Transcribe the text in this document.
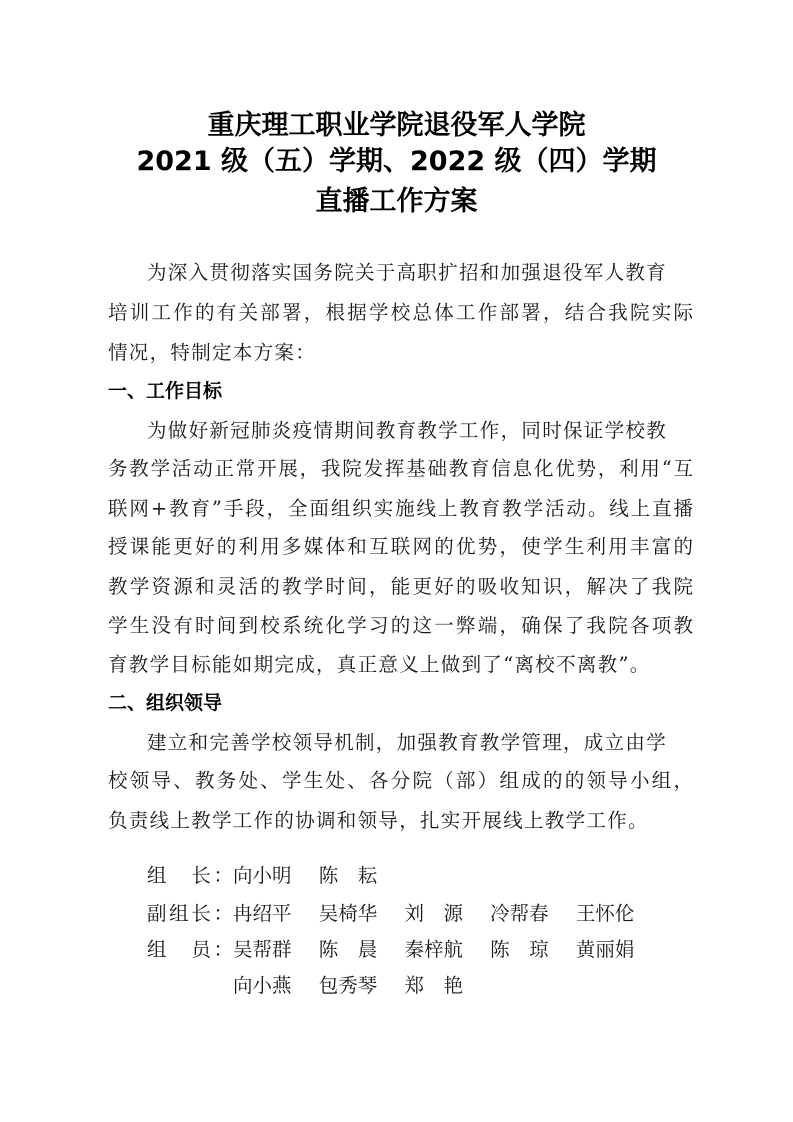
重庆理工职业学院退役军人学院
2021 级（五）学期、2022 级（四）学期
直播工作方案
为深入贯彻落实国务院关于高职扩招和加强退役军人教育
培训工作的有关部署，根据学校总体工作部署，结合我院实际
情况，特制定本方案：
一、工作目标
为做好新冠肺炎疫情期间教育教学工作，同时保证学校教
务教学活动正常开展，我院发挥基础教育信息化优势，利用“互
联网+教育”手段，全面组织实施线上教育教学活动。线上直播
授课能更好的利用多媒体和互联网的优势，使学生利用丰富的
教学资源和灵活的教学时间，能更好的吸收知识，解决了我院
学生没有时间到校系统化学习的这一弊端，确保了我院各项教
育教学目标能如期完成，真正意义上做到了“离校不离教”。
二、组织领导
建立和完善学校领导机制，加强教育教学管理，成立由学
校领导、教务处、学生处、各分院（部）组成的的领导小组，
负责线上教学工作的协调和领导，扎实开展线上教学工作。
组　长：向小明 陈　耘
副组长：冉绍平 吴椅华 刘　源 冷帮春 王怀伦
组　员：吴帮群 陈　晨 秦梓航 陈　琼 黄丽娟
向小燕 包秀琴 郑　艳
